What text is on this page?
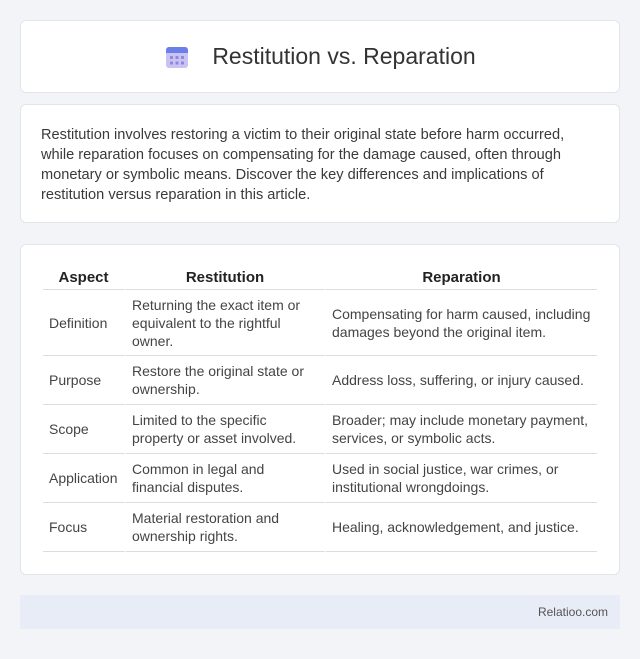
Restitution vs. Reparation

Restitution involves restoring a victim to their original state before harm occurred, while reparation focuses on compensating for the damage caused, often through monetary or symbolic means. Discover the key differences and implications of restitution versus reparation in this article.

Aspect	Restitution	Reparation
Definition	Returning the exact item or equivalent to the rightful owner.	Compensating for harm caused, including damages beyond the original item.
Purpose	Restore the original state or ownership.	Address loss, suffering, or injury caused.
Scope	Limited to the specific property or asset involved.	Broader; may include monetary payment, services, or symbolic acts.
Application	Common in legal and financial disputes.	Used in social justice, war crimes, or institutional wrongdoings.
Focus	Material restoration and ownership rights.	Healing, acknowledgement, and justice.
Relatioo.com
